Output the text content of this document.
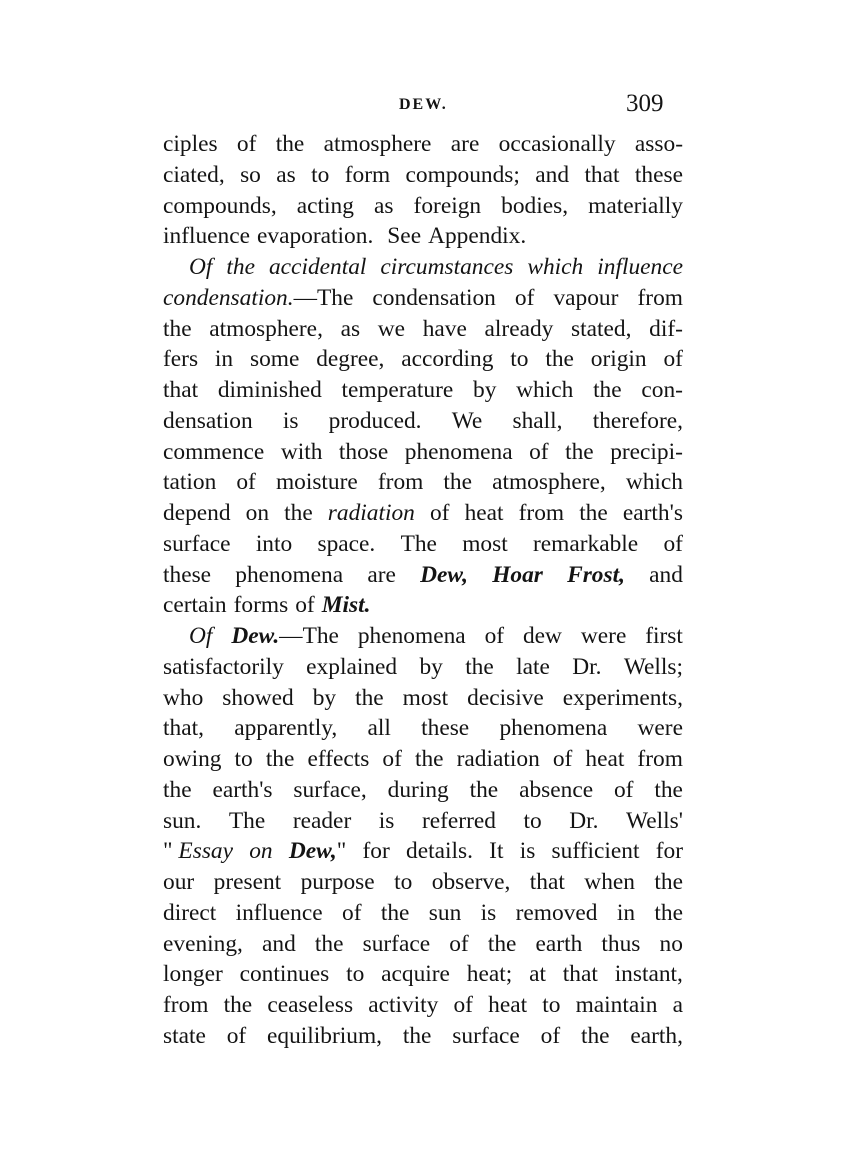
DEW.	309
ciples of the atmosphere are occasionally asso-
ciated, so as to form compounds; and that these
compounds, acting as foreign bodies, materially
influence evaporation. See Appendix.
Of the accidental circumstances which influence
condensation.—The condensation of vapour from
the atmosphere, as we have already stated, dif-
fers in some degree, according to the origin of
that diminished temperature by which the con-
densation is produced. We shall, therefore,
commence with those phenomena of the precipi-
tation of moisture from the atmosphere, which
depend on the radiation of heat from the earth's
surface into space. The most remarkable of
these phenomena are Dew, Hoar Frost, and
certain forms of Mist.
Of Dew.—The phenomena of dew were first
satisfactorily explained by the late Dr. Wells;
who showed by the most decisive experiments,
that, apparently, all these phenomena were
owing to the effects of the radiation of heat from
the earth's surface, during the absence of the
sun. The reader is referred to Dr. Wells'
" Essay on Dew," for details. It is sufficient for
our present purpose to observe, that when the
direct influence of the sun is removed in the
evening, and the surface of the earth thus no
longer continues to acquire heat; at that instant,
from the ceaseless activity of heat to maintain a
state of equilibrium, the surface of the earth,
